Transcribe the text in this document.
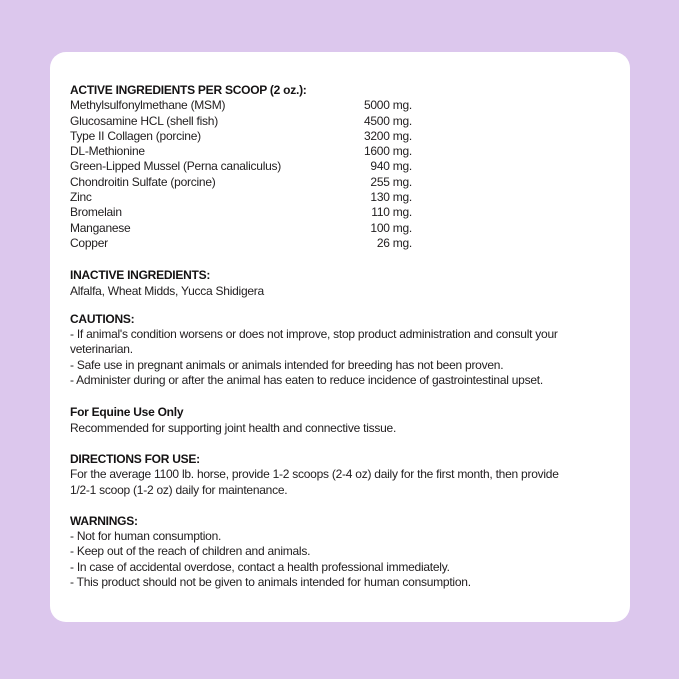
ACTIVE INGREDIENTS PER SCOOP (2 oz.):
Methylsulfonylmethane (MSM)	5000 mg.
Glucosamine HCL (shell fish)	4500 mg.
Type II Collagen (porcine)	3200 mg.
DL-Methionine	1600 mg.
Green-Lipped Mussel (Perna canaliculus)	940 mg.
Chondroitin Sulfate (porcine)	255 mg.
Zinc	130 mg.
Bromelain	110 mg.
Manganese	100 mg.
Copper	26 mg.
INACTIVE INGREDIENTS:
Alfalfa, Wheat Midds, Yucca Shidigera
CAUTIONS:
- If animal's condition worsens or does not improve, stop product administration and consult your
veterinarian.
- Safe use in pregnant animals or animals intended for breeding has not been proven.
- Administer during or after the animal has eaten to reduce incidence of gastrointestinal upset.
For Equine Use Only
Recommended for supporting joint health and connective tissue.
DIRECTIONS FOR USE:
For the average 1100 lb. horse, provide 1-2 scoops (2-4 oz) daily for the first month, then provide
1/2-1 scoop (1-2 oz) daily for maintenance.
WARNINGS:
- Not for human consumption.
- Keep out of the reach of children and animals.
- In case of accidental overdose, contact a health professional immediately.
- This product should not be given to animals intended for human consumption.
